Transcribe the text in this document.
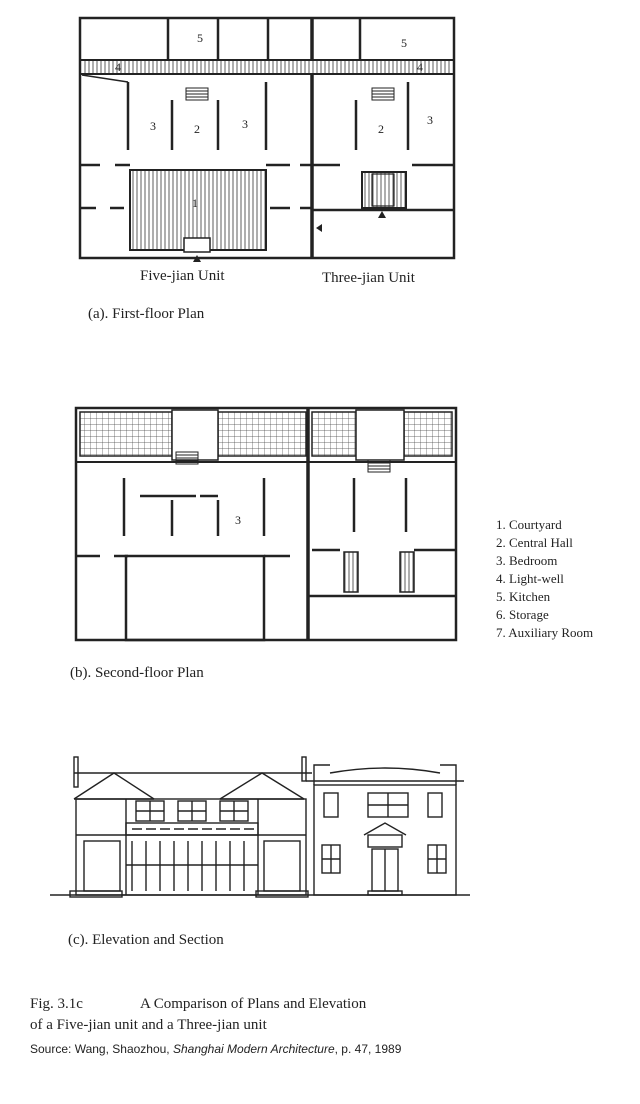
5	5
4	4
3	2	3	2
3
1
Five-jian Unit	Three-jian Unit
(a). First-floor Plan
3	1. Courtyard
2. Central Hall
3. Bedroom
4. Light-well
5. Kitchen
6. Storage
7. Auxiliary Room
(b). Second-floor Plan
(c). Elevation and Section
Fig. 3.1c	A Comparison of Plans and Elevation
of a Five-jian unit and a Three-jian unit
Source: Wang, Shaozhou, Shanghai Modern Architecture, p. 47, 1989
